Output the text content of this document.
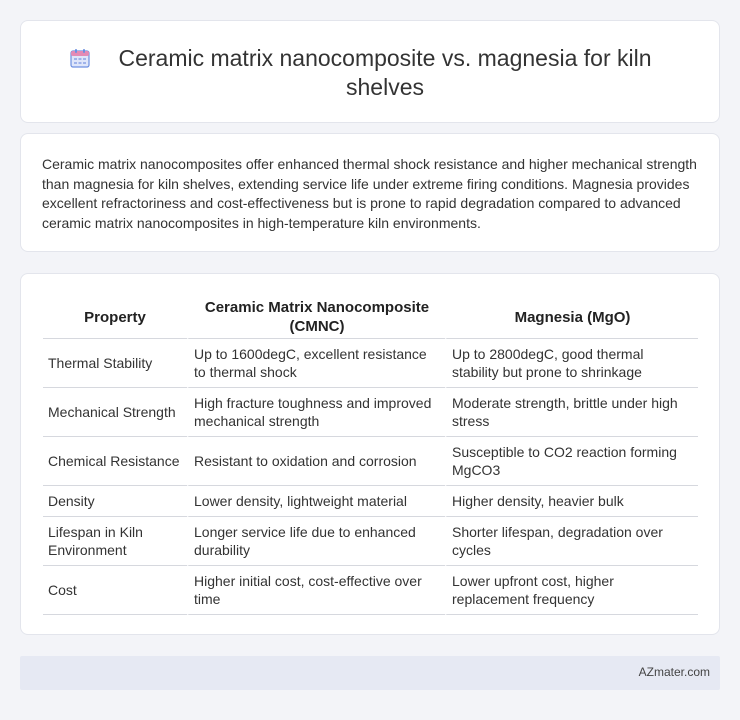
Ceramic matrix nanocomposite vs. magnesia for kiln shelves

Ceramic matrix nanocomposites offer enhanced thermal shock resistance and higher mechanical strength than magnesia for kiln shelves, extending service life under extreme firing conditions. Magnesia provides excellent refractoriness and cost-effectiveness but is prone to rapid degradation compared to advanced ceramic matrix nanocomposites in high-temperature kiln environments.

Property	Ceramic Matrix Nanocomposite (CMNC)	Magnesia (MgO)
Thermal Stability	Up to 1600degC, excellent resistance to thermal shock	Up to 2800degC, good thermal stability but prone to shrinkage
Mechanical Strength	High fracture toughness and improved mechanical strength	Moderate strength, brittle under high stress
Chemical Resistance	Resistant to oxidation and corrosion	Susceptible to CO2 reaction forming MgCO3
Density	Lower density, lightweight material	Higher density, heavier bulk
Lifespan in Kiln Environment	Longer service life due to enhanced durability	Shorter lifespan, degradation over cycles
Cost	Higher initial cost, cost-effective over time	Lower upfront cost, higher replacement frequency
AZmater.com
